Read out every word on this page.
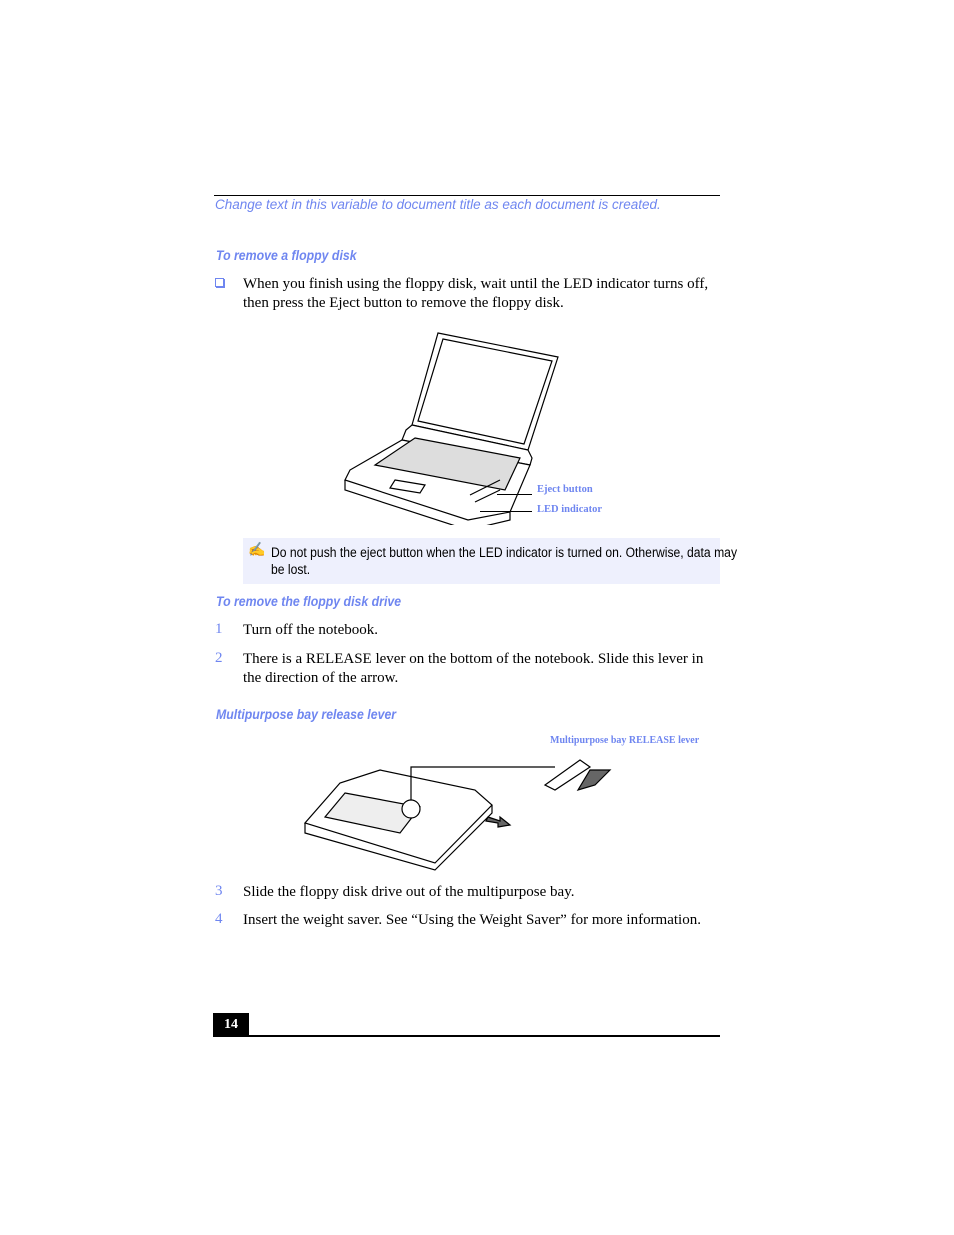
Change text in this variable to document title as each document is created.
To remove a floppy disk
When you finish using the floppy disk, wait until the LED indicator turns off, then press the Eject button to remove the floppy disk.
Eject button
LED indicator
✍ Do not push the eject button when the LED indicator is turned on. Otherwise, data may be lost.
To remove the floppy disk drive
1 Turn off the notebook.
2 There is a RELEASE lever on the bottom of the notebook. Slide this lever in the direction of the arrow.
Multipurpose bay release lever
Multipurpose bay RELEASE lever
3 Slide the floppy disk drive out of the multipurpose bay.
4 Insert the weight saver. See “Using the Weight Saver” for more information.
14
